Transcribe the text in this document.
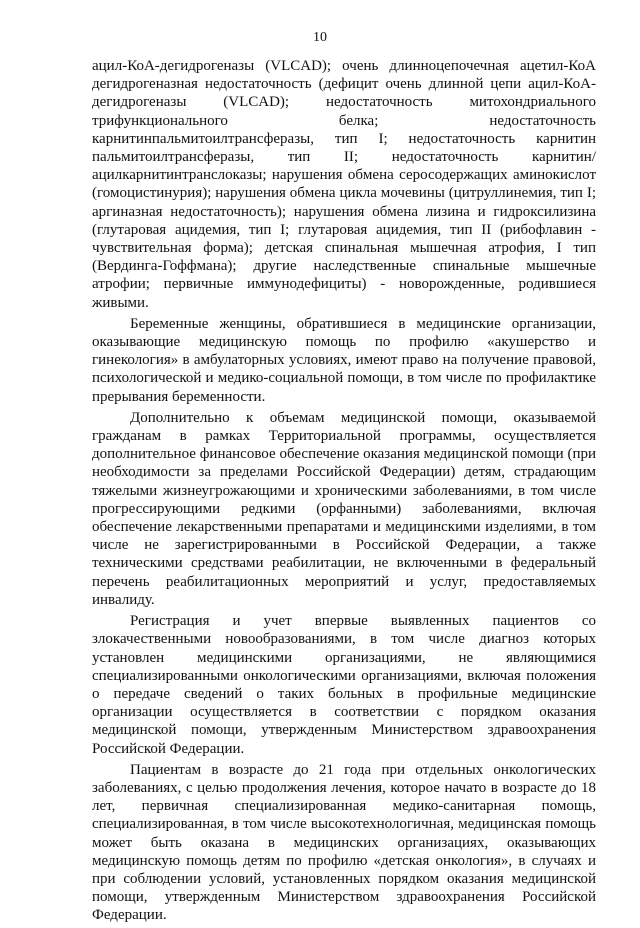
10

ацил-КоА-дегидрогеназы (VLCAD); очень длинноцепочечная ацетил-КоА дегидрогеназная недостаточность (дефицит очень длинной цепи ацил-КоА-дегидрогеназы (VLCAD); недостаточность митохондриального трифункционального белка; недостаточность карнитинпальмитоилтрансферазы, тип I; недостаточность карнитин пальмитоилтрансферазы, тип II; недостаточность карнитин/ацилкарнитинтранслоказы; нарушения обмена серосодержащих аминокислот (гомоцистинурия); нарушения обмена цикла мочевины (цитруллинемия, тип I; аргиназная недостаточность); нарушения обмена лизина и гидроксилизина (глутаровая ацидемия, тип I; глутаровая ацидемия, тип II (рибофлавин - чувствительная форма); детская спинальная мышечная атрофия, I тип (Вердинга-Гоффмана); другие наследственные спинальные мышечные атрофии; первичные иммунодефициты) - новорожденные, родившиеся живыми.

Беременные женщины, обратившиеся в медицинские организации, оказывающие медицинскую помощь по профилю «акушерство и гинекология» в амбулаторных условиях, имеют право на получение правовой, психологической и медико-социальной помощи, в том числе по профилактике прерывания беременности.

Дополнительно к объемам медицинской помощи, оказываемой гражданам в рамках Территориальной программы, осуществляется дополнительное финансовое обеспечение оказания медицинской помощи (при необходимости за пределами Российской Федерации) детям, страдающим тяжелыми жизнеугрожающими и хроническими заболеваниями, в том числе прогрессирующими редкими (орфанными) заболеваниями, включая обеспечение лекарственными препаратами и медицинскими изделиями, в том числе не зарегистрированными в Российской Федерации, а также техническими средствами реабилитации, не включенными в федеральный перечень реабилитационных мероприятий и услуг, предоставляемых инвалиду.

Регистрация и учет впервые выявленных пациентов со злокачественными новообразованиями, в том числе диагноз которых установлен медицинскими организациями, не являющимися специализированными онкологическими организациями, включая положения о передаче сведений о таких больных в профильные медицинские организации осуществляется в соответствии с порядком оказания медицинской помощи, утвержденным Министерством здравоохранения Российской Федерации.

Пациентам в возрасте до 21 года при отдельных онкологических заболеваниях, с целью продолжения лечения, которое начато в возрасте до 18 лет, первичная специализированная медико-санитарная помощь, специализированная, в том числе высокотехнологичная, медицинская помощь может быть оказана в медицинских организациях, оказывающих медицинскую помощь детям по профилю «детская онкология», в случаях и при соблюдении условий, установленных порядком оказания медицинской помощи, утвержденным Министерством здравоохранения Российской Федерации.
